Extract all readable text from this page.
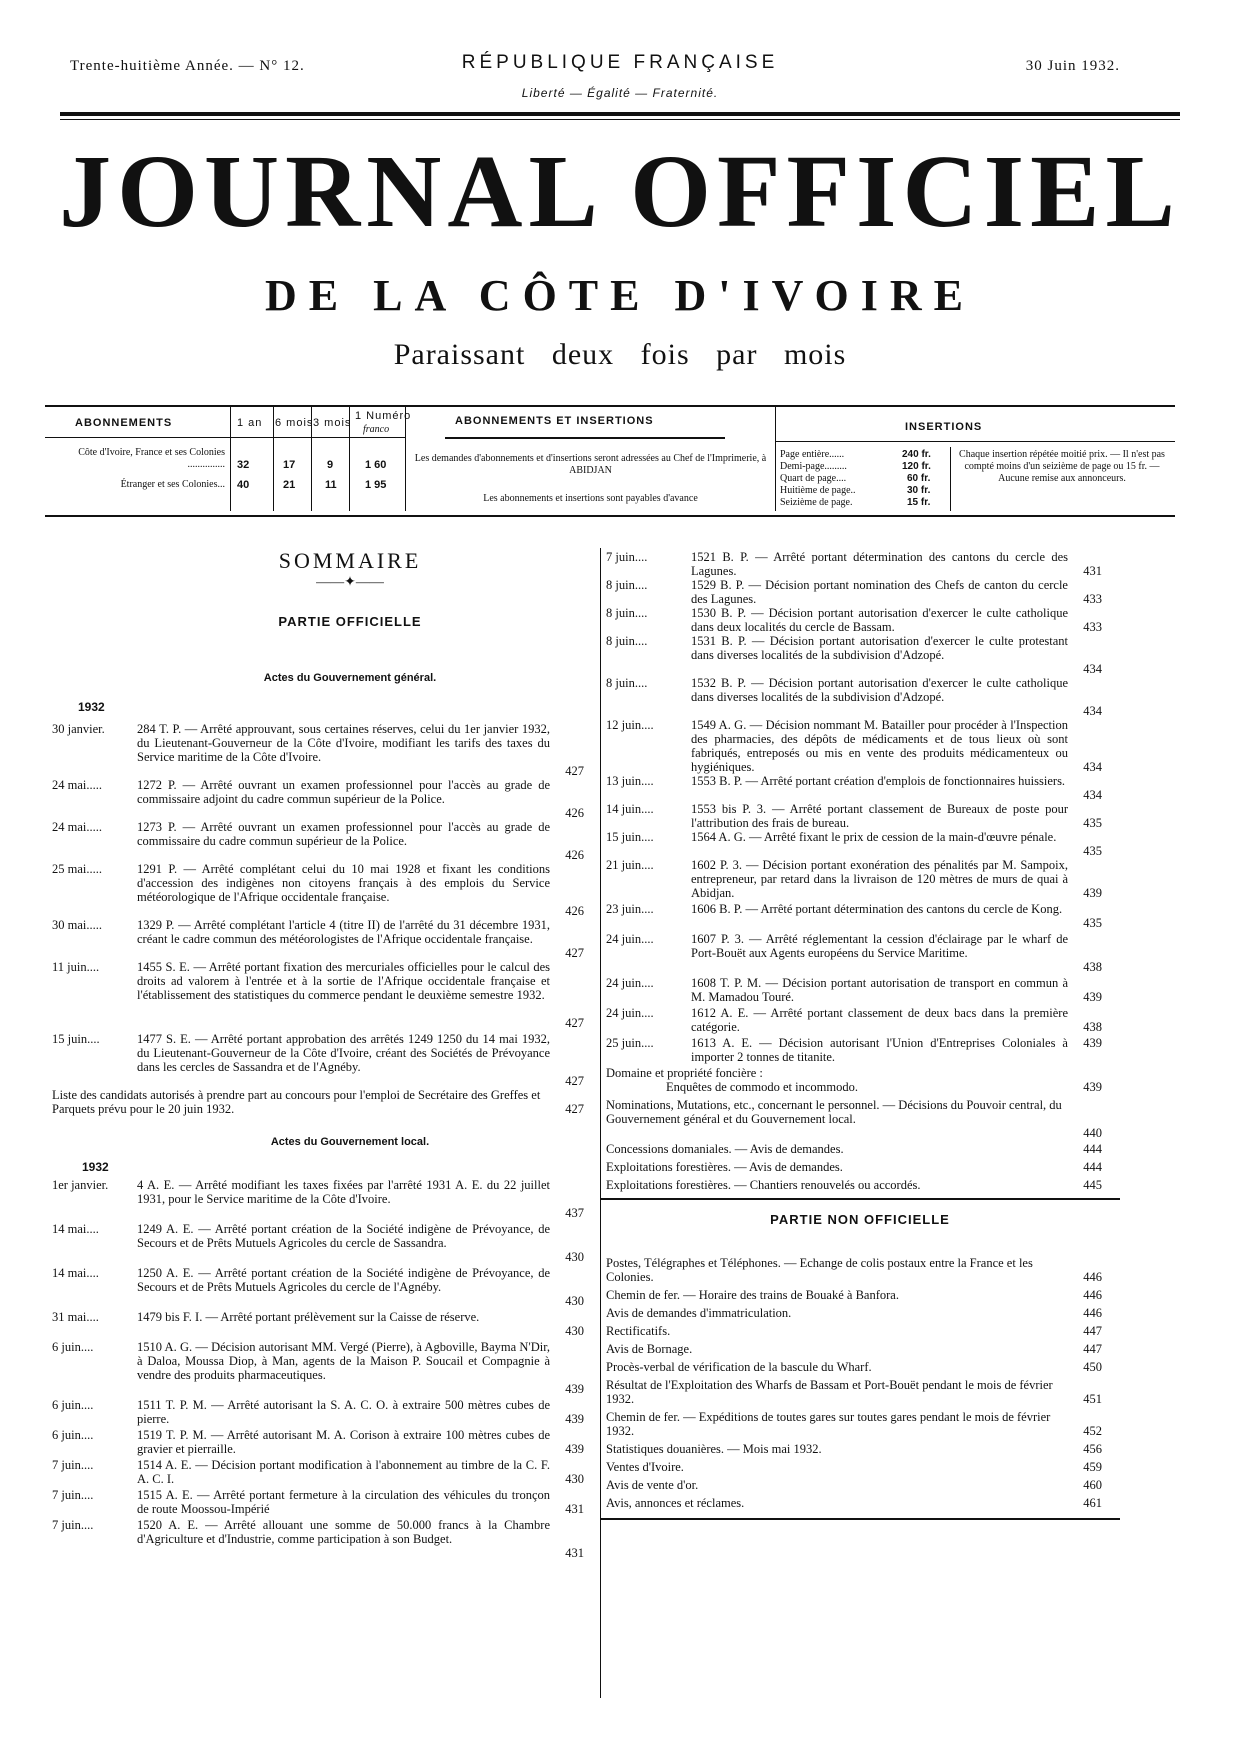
Trente-huitième Année. — N° 12.	RÉPUBLIQUE FRANÇAISE
Liberté — Égalité — Fraternité.
30 Juin 1932.
JOURNAL OFFICIEL
DE LA CÔTE D'IVOIRE
Paraissant deux fois par mois
ABONNEMENTS	1 an 6 mois 3 mois
1 Numéro
franco
Côte d'Ivoire, France et ses Colonies ............... 32	17	9	1 60
Étranger et ses Colonies... 40	21	11	1 95
ABONNEMENTS ET INSERTIONS
Les demandes d'abonnements et d'insertions seront adressées au Chef de l'Imprimerie, à ABIDJAN
Les abonnements et insertions sont payables d'avance
INSERTIONS
Page entière......	240 fr.
Demi-page.........	120 fr.
Quart de page....	60 fr.
Huitième de page..	30 fr.
Seizième de page.	15 fr.
Chaque insertion répétée moitié prix. — Il n'est pas compté moins d'un seizième de page ou 15 fr. — Aucune remise aux annonceurs.
SOMMAIRE
——✦——
PARTIE OFFICIELLE
Actes du Gouvernement général.
1932
30 janvier.	284 T. P. — Arrêté approuvant, sous certaines réserves, celui du 1er janvier 1932, du Lieutenant-Gouverneur de la Côte d'Ivoire, modifiant les tarifs des taxes du Service maritime de la Côte d'Ivoire.
427
24 mai.....	1272 P. — Arrêté ouvrant un examen professionnel pour l'accès au grade de commissaire adjoint du cadre commun supérieur de la Police.
426
24 mai.....	1273 P. — Arrêté ouvrant un examen professionnel pour l'accès au grade de commissaire du cadre commun supérieur de la Police.
426
25 mai.....	1291 P. — Arrêté complétant celui du 10 mai 1928 et fixant les conditions d'accession des indigènes non citoyens français à des emplois du Service météorologique de l'Afrique occidentale française.
426
30 mai.....	1329 P. — Arrêté complétant l'article 4 (titre II) de l'arrêté du 31 décembre 1931, créant le cadre commun des météorologistes de l'Afrique occidentale française.
427
11 juin....	1455 S. E. — Arrêté portant fixation des mercuriales officielles pour le calcul des droits ad valorem à l'entrée et à la sortie de l'Afrique occidentale française et l'établissement des statistiques du commerce pendant le deuxième semestre 1932.
427
15 juin....	1477 S. E. — Arrêté portant approbation des arrêtés 1249 1250 du 14 mai 1932, du Lieutenant-Gouverneur de la Côte d'Ivoire, créant des Sociétés de Prévoyance dans les cercles de Sassandra et de l'Agnéby.
427
Liste des candidats autorisés à prendre part au concours pour l'emploi de Secrétaire des Greffes et Parquets prévu pour le 20 juin 1932.	427
Actes du Gouvernement local.
1932
1er janvier.	4 A. E. — Arrêté modifiant les taxes fixées par l'arrêté 1931 A. E. du 22 juillet 1931, pour le Service maritime de la Côte d'Ivoire.
437
14 mai....	1249 A. E. — Arrêté portant création de la Société indigène de Prévoyance, de Secours et de Prêts Mutuels Agricoles du cercle de Sassandra.
430
14 mai....	1250 A. E. — Arrêté portant création de la Société indigène de Prévoyance, de Secours et de Prêts Mutuels Agricoles du cercle de l'Agnéby.
430
31 mai....	1479 bis F. I. — Arrêté portant prélèvement sur la Caisse de réserve.
430
6 juin....	1510 A. G. — Décision autorisant MM. Vergé (Pierre), à Agboville, Bayma N'Dir, à Daloa, Moussa Diop, à Man, agents de la Maison P. Soucail et Compagnie à vendre des produits pharmaceutiques.
439
6 juin....	1511 T. P. M. — Arrêté autorisant la S. A. C. O. à extraire 500 mètres cubes de pierre.	439
6 juin....	1519 T. P. M. — Arrêté autorisant M. A. Corison à extraire 100 mètres cubes de gravier et pierraille.	439
7 juin....	1514 A. E. — Décision portant modification à l'abonnement au timbre de la C. F. A. C. I.	430
7 juin....	1515 A. E. — Arrêté portant fermeture à la circulation des véhicules du tronçon de route Moossou-Impérié	431
7 juin....	1520 A. E. — Arrêté allouant une somme de 50.000 francs à la Chambre d'Agriculture et d'Industrie, comme participation à son Budget.
431
7 juin....	1521 B. P. — Arrêté portant détermination des cantons du cercle des Lagunes.	431
8 juin....	1529 B. P. — Décision portant nomination des Chefs de canton du cercle des Lagunes.	433
8 juin....	1530 B. P. — Décision portant autorisation d'exercer le culte catholique dans deux localités du cercle de Bassam.	433
8 juin....	1531 B. P. — Décision portant autorisation d'exercer le culte protestant dans diverses localités de la subdivision d'Adzopé.
434
8 juin....	1532 B. P. — Décision portant autorisation d'exercer le culte catholique dans diverses localités de la subdivision d'Adzopé.
434
12 juin....	1549 A. G. — Décision nommant M. Batailler pour procéder à l'Inspection des pharmacies, des dépôts de médicaments et de tous lieux où sont fabriqués, entreposés ou mis en vente des produits médicamenteux ou hygiéniques.	434
13 juin....	1553 B. P. — Arrêté portant création d'emplois de fonctionnaires huissiers.
434
14 juin....	1553 bis P. 3. — Arrêté portant classement de Bureaux de poste pour l'attribution des frais de bureau.	435
15 juin....	1564 A. G. — Arrêté fixant le prix de cession de la main-d'œuvre pénale.
435
21 juin....	1602 P. 3. — Décision portant exonération des pénalités par M. Sampoix, entrepreneur, par retard dans la livraison de 120 mètres de murs de quai à Abidjan.	439
23 juin....	1606 B. P. — Arrêté portant détermination des cantons du cercle de Kong.
435
24 juin....	1607 P. 3. — Arrêté réglementant la cession d'éclairage par le wharf de Port-Bouët aux Agents européens du Service Maritime.
438
24 juin....	1608 T. P. M. — Décision portant autorisation de transport en commun à M. Mamadou Touré.	439
24 juin....	1612 A. E. — Arrêté portant classement de deux bacs dans la première catégorie.	438
25 juin....	1613 A. E. — Décision autorisant l'Union d'Entreprises Coloniales à importer 2 tonnes de titanite.
439
Domaine et propriété foncière :
Enquêtes de commodo et incommodo.	439
Nominations, Mutations, etc., concernant le personnel. — Décisions du Pouvoir central, du Gouvernement général et du Gouvernement local.
440
Concessions domaniales. — Avis de demandes.	444
Exploitations forestières. — Avis de demandes.	444
Exploitations forestières. — Chantiers renouvelés ou accordés.	445
PARTIE NON OFFICIELLE
Postes, Télégraphes et Téléphones. — Echange de colis postaux entre la France et les Colonies.	446
Chemin de fer. — Horaire des trains de Bouaké à Banfora.	446
Avis de demandes d'immatriculation.	446
Rectificatifs.	447
Avis de Bornage.	447
Procès-verbal de vérification de la bascule du Wharf.	450
Résultat de l'Exploitation des Wharfs de Bassam et Port-Bouët pendant le mois de février 1932.	451
Chemin de fer. — Expéditions de toutes gares sur toutes gares pendant le mois de février 1932.	452
Statistiques douanières. — Mois mai 1932.	456
Ventes d'Ivoire.	459
Avis de vente d'or.	460
Avis, annonces et réclames.	461
